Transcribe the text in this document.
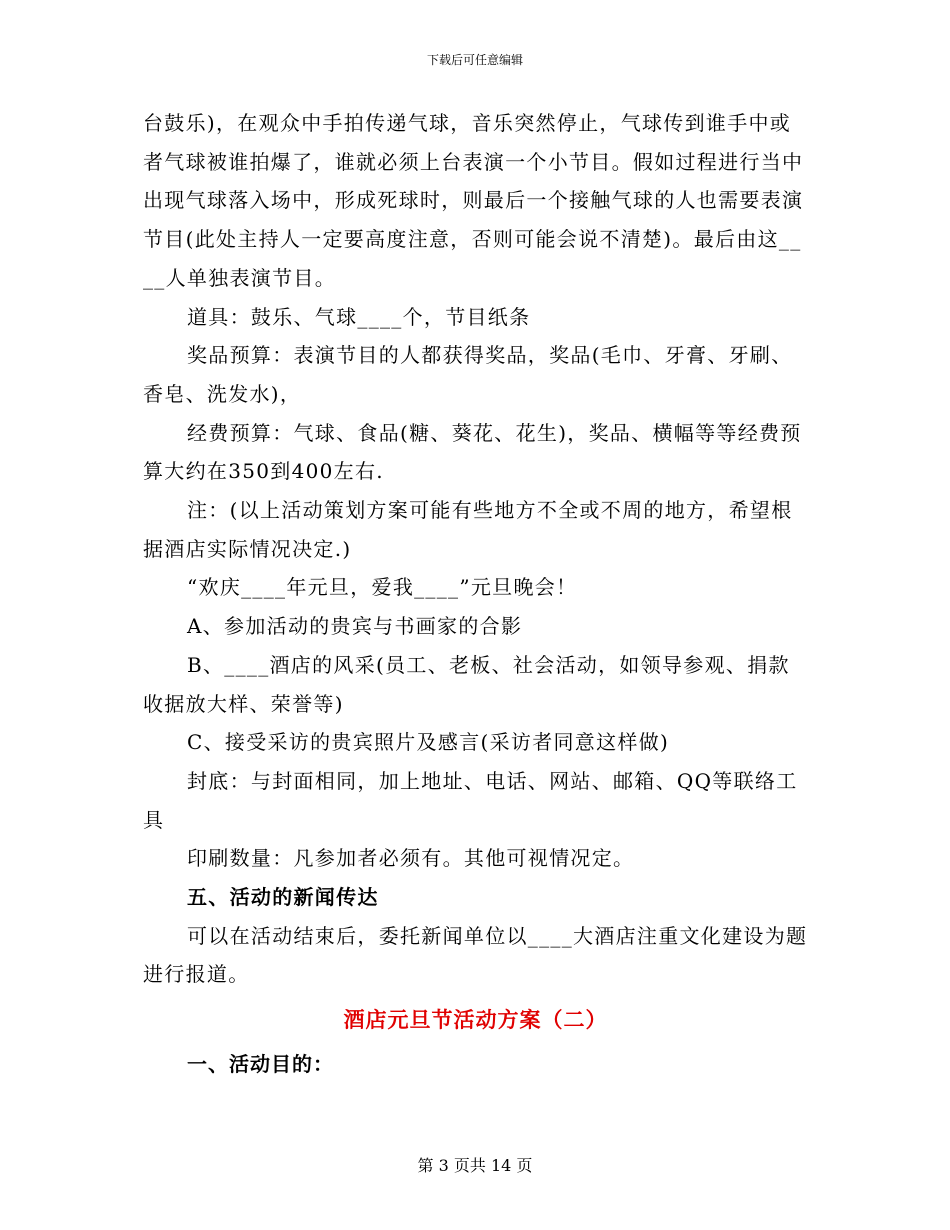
下载后可任意编辑

台鼓乐)，在观众中手拍传递气球，音乐突然停止，气球传到谁手中或者气球被谁拍爆了，谁就必须上台表演一个小节目。假如过程进行当中出现气球落入场中，形成死球时，则最后一个接触气球的人也需要表演节目(此处主持人一定要高度注意，否则可能会说不清楚)。最后由这____人单独表演节目。

道具：鼓乐、气球____个，节目纸条

奖品预算：表演节目的人都获得奖品，奖品(毛巾、牙膏、牙刷、香皂、洗发水)，

经费预算：气球、食品(糖、葵花、花生)，奖品、横幅等等经费预算大约在350到400左右.

注：(以上活动策划方案可能有些地方不全或不周的地方，希望根据酒店实际情况决定.)

“欢庆____年元旦，爱我____”元旦晚会！

A、参加活动的贵宾与书画家的合影

B、____酒店的风采(员工、老板、社会活动，如领导参观、捐款收据放大样、荣誉等)

C、接受采访的贵宾照片及感言(采访者同意这样做)

封底：与封面相同，加上地址、电话、网站、邮箱、QQ等联络工具

印刷数量：凡参加者必须有。其他可视情况定。

五、活动的新闻传达

可以在活动结束后，委托新闻单位以____大酒店注重文化建设为题进行报道。

酒店元旦节活动方案（二）
一、活动目的：
第 3 页共 14 页
